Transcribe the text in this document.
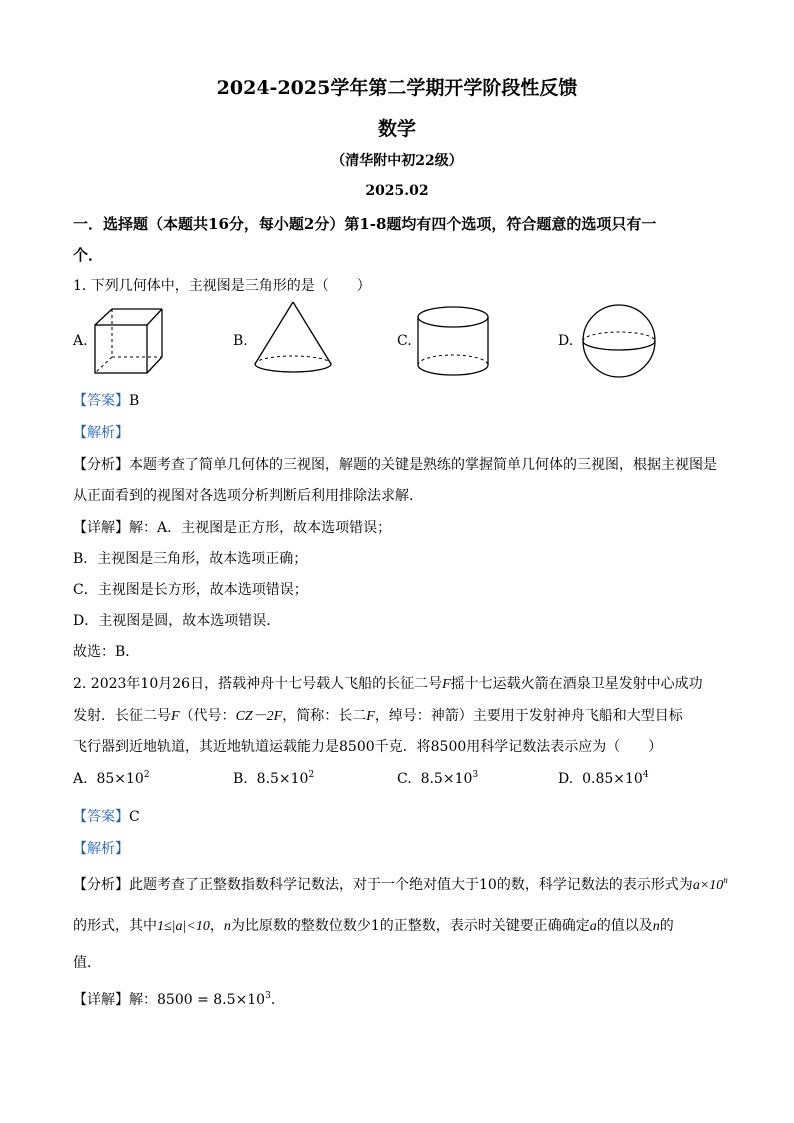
2024-2025学年第二学期开学阶段性反馈
数学
（清华附中初22级）
2025.02
一．选择题（本题共16分，每小题2分）第1-8题均有四个选项，符合题意的选项只有一
个．
1. 下列几何体中，主视图是三角形的是（　　）
A.	B.	C.	D.
【答案】B
【解析】
【分析】本题考查了简单几何体的三视图，解题的关键是熟练的掌握简单几何体的三视图，根据主视图是
从正面看到的视图对各选项分析判断后利用排除法求解．
【详解】解：A．主视图是正方形，故本选项错误；
B．主视图是三角形，故本选项正确；
C．主视图是长方形，故本选项错误；
D．主视图是圆，故本选项错误．
故选：B．
2. 2023年10月26日，搭载神舟十七号载人飞船的长征二号F摇十七运载火箭在酒泉卫星发射中心成功
发射．长征二号F（代号：CZ－2F，简称：长二F，绰号：神箭）主要用于发射神舟飞船和大型目标
飞行器到近地轨道，其近地轨道运载能力是8500千克．将8500用科学记数法表示应为（　　）
A. $85\times 10^2$	B. $8.5\times 10^2$	C. $8.5\times 10^3$	D. $0.85\times 10^4$
【答案】C
【解析】
【分析】此题考查了正整数指数科学记数法，对于一个绝对值大于10的数，科学记数法的表示形式为$a\times 10^n$
的形式，其中1≤|a|<10，n为比原数的整数位数少1的正整数，表示时关键要正确确定a的值以及n的
值．
【详解】解：$8500 = 8.5\times 10^3$．
